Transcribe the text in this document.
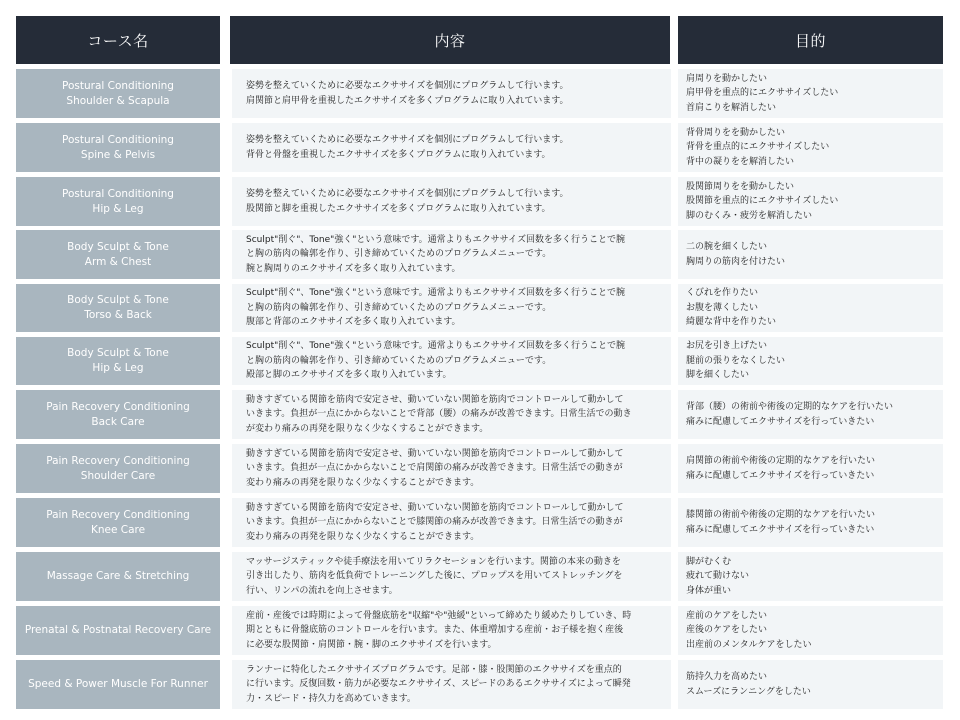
コース名	内容	目的
Postural Conditioning
Shoulder & Scapula
姿勢を整えていくために必要なエクササイズを個別にプログラムして行います。
肩関節と肩甲骨を重視したエクササイズを多くプログラムに取り入れています。
肩周りを動かしたい
肩甲骨を重点的にエクササイズしたい
首肩こりを解消したい
Postural Conditioning
Spine & Pelvis
姿勢を整えていくために必要なエクササイズを個別にプログラムして行います。
背骨と骨盤を重視したエクササイズを多くプログラムに取り入れています。
背骨周りをを動かしたい
背骨を重点的にエクササイズしたい
背中の凝りをを解消したい
Postural Conditioning
Hip & Leg
姿勢を整えていくために必要なエクササイズを個別にプログラムして行います。
股関節と脚を重視したエクササイズを多くプログラムに取り入れています。
股関節周りをを動かしたい
股関節を重点的にエクササイズしたい
脚のむくみ・疲労を解消したい
Body Sculpt & Tone
Arm & Chest
Sculpt"削ぐ"、Tone"強く"という意味です。通常よりもエクササイズ回数を多く行うことで腕
と胸の筋肉の輪郭を作り、引き締めていくためのプログラムメニューです。
腕と胸周りのエクササイズを多く取り入れています。
二の腕を細くしたい
胸周りの筋肉を付けたい
Body Sculpt & Tone
Torso & Back
Sculpt"削ぐ"、Tone"強く"という意味です。通常よりもエクササイズ回数を多く行うことで腕
と胸の筋肉の輪郭を作り、引き締めていくためのプログラムメニューです。
腹部と背部のエクササイズを多く取り入れています。
くびれを作りたい
お腹を薄くしたい
綺麗な背中を作りたい
Body Sculpt & Tone
Hip & Leg
Sculpt"削ぐ"、Tone"強く"という意味です。通常よりもエクササイズ回数を多く行うことで腕
と胸の筋肉の輪郭を作り、引き締めていくためのプログラムメニューです。
殿部と脚のエクササイズを多く取り入れています。
お尻を引き上げたい
腿前の張りをなくしたい
脚を細くしたい
Pain Recovery Conditioning
Back Care
動きすぎている関節を筋肉で安定させ、動いていない関節を筋肉でコントロールして動かして
いきます。負担が一点にかからないことで背部（腰）の痛みが改善できます。日常生活での動き
が変わり痛みの再発を限りなく少なくすることができます。
背部（腰）の術前や術後の定期的なケアを行いたい
痛みに配慮してエクササイズを行っていきたい
Pain Recovery Conditioning
Shoulder Care
動きすぎている関節を筋肉で安定させ、動いていない関節を筋肉でコントロールして動かして
いきます。負担が一点にかからないことで肩関節の痛みが改善できます。日常生活での動きが
変わり痛みの再発を限りなく少なくすることができます。
肩関節の術前や術後の定期的なケアを行いたい
痛みに配慮してエクササイズを行っていきたい
Pain Recovery Conditioning
Knee Care
動きすぎている関節を筋肉で安定させ、動いていない関節を筋肉でコントロールして動かして
いきます。負担が一点にかからないことで膝関節の痛みが改善できます。日常生活での動きが
変わり痛みの再発を限りなく少なくすることができます。
膝関節の術前や術後の定期的なケアを行いたい
痛みに配慮してエクササイズを行っていきたい
Massage Care & Stretching
マッサージスティックや徒手療法を用いてリラクセーションを行います。関節の本来の動きを
引き出したり、筋肉を低負荷でトレーニングした後に、プロップスを用いてストレッチングを
行い、リンパの流れを向上させます。
脚がむくむ
疲れて動けない
身体が重い
Prenatal & Postnatal Recovery Care
産前・産後では時期によって骨盤底筋を"収縮"や"弛緩"といって締めたり緩めたりしていき、時
期とともに骨盤底筋のコントロールを行います。また、体重増加する産前・お子様を抱く産後
に必要な股関節・肩関節・腕・脚のエクササイズを行います。
産前のケアをしたい
産後のケアをしたい
出産前のメンタルケアをしたい
Speed & Power Muscle For Runner
ランナーに特化したエクササイズプログラムです。足部・膝・股関節のエクササイズを重点的
に行います。反復回数・筋力が必要なエクササイズ、スピードのあるエクササイズによって瞬発
力・スピード・持久力を高めていきます。
筋持久力を高めたい
スムーズにランニングをしたい
